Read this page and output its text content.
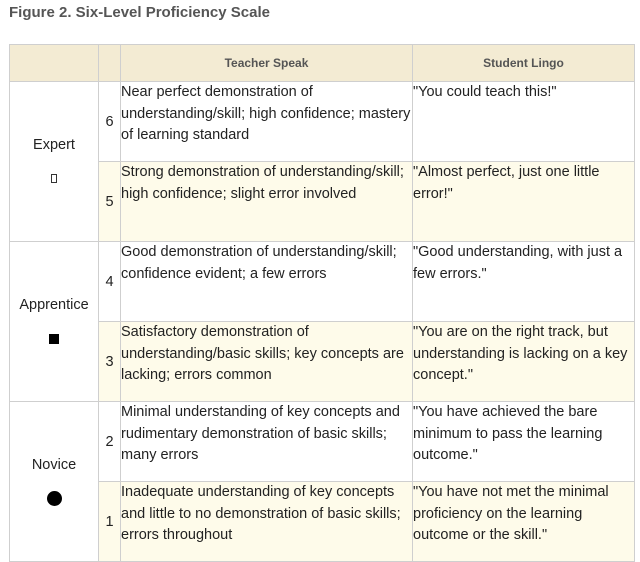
Figure 2. Six-Level Proficiency Scale
		Teacher Speak	Student Lingo

Expert	6	Near perfect demonstration of understanding/skill; high confidence; mastery of learning standard	"You could teach this!"
	5	Strong demonstration of understanding/skill; high confidence; slight error involved	"Almost perfect, just one little error!"

Apprentice	4	Good demonstration of understanding/skill; confidence evident; a few errors	"Good understanding, with just a few errors."
	3	Satisfactory demonstration of understanding/basic skills; key concepts are lacking; errors common	"You are on the right track, but understanding is lacking on a key concept."

Novice	2	Minimal understanding of key concepts and rudimentary demonstration of basic skills; many errors	"You have achieved the bare minimum to pass the learning outcome."
	1	Inadequate understanding of key concepts and little to no demonstration of basic skills; errors throughout	"You have not met the minimal proficiency on the learning outcome or the skill."
